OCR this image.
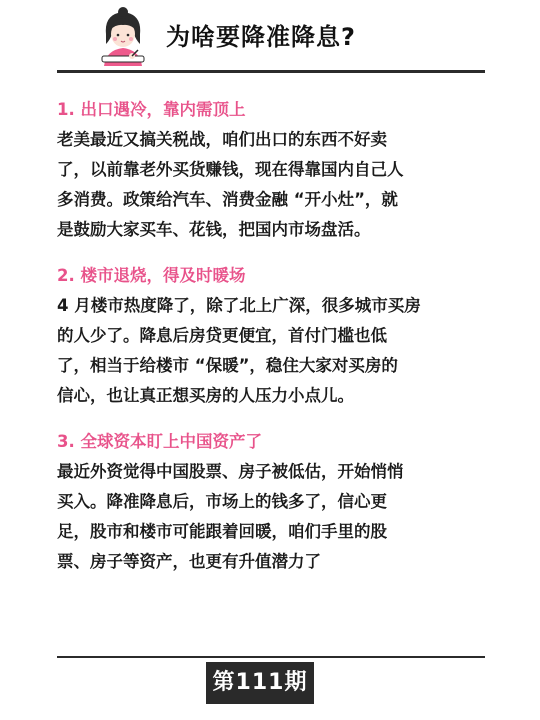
为啥要降准降息?
1. 出口遇冷，靠内需顶上
老美最近又搞关税战，咱们出口的东西不好卖
了，以前靠老外买货赚钱，现在得靠国内自己人
多消费。政策给汽车、消费金融 “开小灶”，就
是鼓励大家买车、花钱，把国内市场盘活。
2. 楼市退烧，得及时暖场
4 月楼市热度降了，除了北上广深，很多城市买房
的人少了。降息后房贷更便宜，首付门槛也低
了，相当于给楼市 “保暖”，稳住大家对买房的
信心，也让真正想买房的人压力小点儿。
3. 全球资本盯上中国资产了
最近外资觉得中国股票、房子被低估，开始悄悄
买入。降准降息后，市场上的钱多了，信心更
足，股市和楼市可能跟着回暖，咱们手里的股
票、房子等资产，也更有升值潜力了
第111期
